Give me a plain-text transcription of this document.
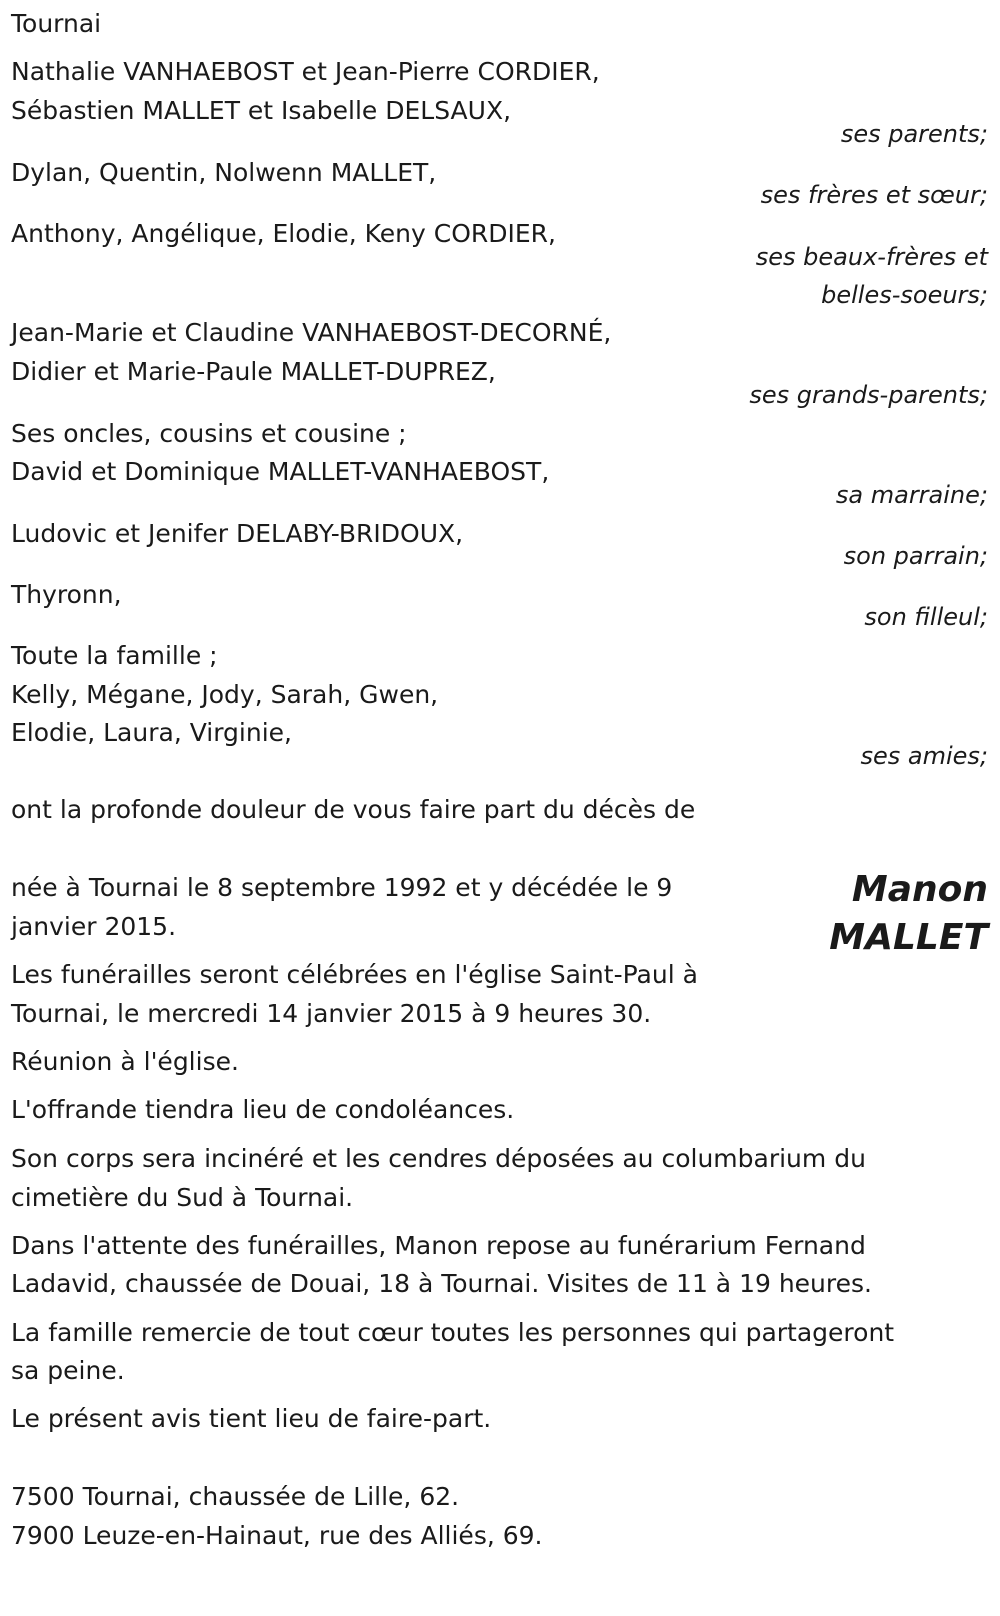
Tournai
Nathalie VANHAEBOST et Jean-Pierre CORDIER,
Sébastien MALLET et Isabelle DELSAUX,
ses parents;
Dylan, Quentin, Nolwenn MALLET,
ses frères et sœur;
Anthony, Angélique, Elodie, Keny CORDIER,
ses beaux-frères et
belles-soeurs;
Jean-Marie et Claudine VANHAEBOST-DECORNÉ,
Didier et Marie-Paule MALLET-DUPREZ,
ses grands-parents;
Ses oncles, cousins et cousine ;
David et Dominique MALLET-VANHAEBOST,
sa marraine;
Ludovic et Jenifer DELABY-BRIDOUX,
son parrain;
Thyronn,
son filleul;
Toute la famille ;
Kelly, Mégane, Jody, Sarah, Gwen,
Elodie, Laura, Virginie,
ses amies;
ont la profonde douleur de vous faire part du décès de
Manon
MALLET
née à Tournai le 8 septembre 1992 et y décédée le 9
janvier 2015.
Les funérailles seront célébrées en l'église Saint-Paul à
Tournai, le mercredi 14 janvier 2015 à 9 heures 30.
Réunion à l'église.
L'offrande tiendra lieu de condoléances.
Son corps sera incinéré et les cendres déposées au columbarium du
cimetière du Sud à Tournai.
Dans l'attente des funérailles, Manon repose au funérarium Fernand
Ladavid, chaussée de Douai, 18 à Tournai. Visites de 11 à 19 heures.
La famille remercie de tout cœur toutes les personnes qui partageront
sa peine.
Le présent avis tient lieu de faire-part.
7500 Tournai, chaussée de Lille, 62.
7900 Leuze-en-Hainaut, rue des Alliés, 69.
